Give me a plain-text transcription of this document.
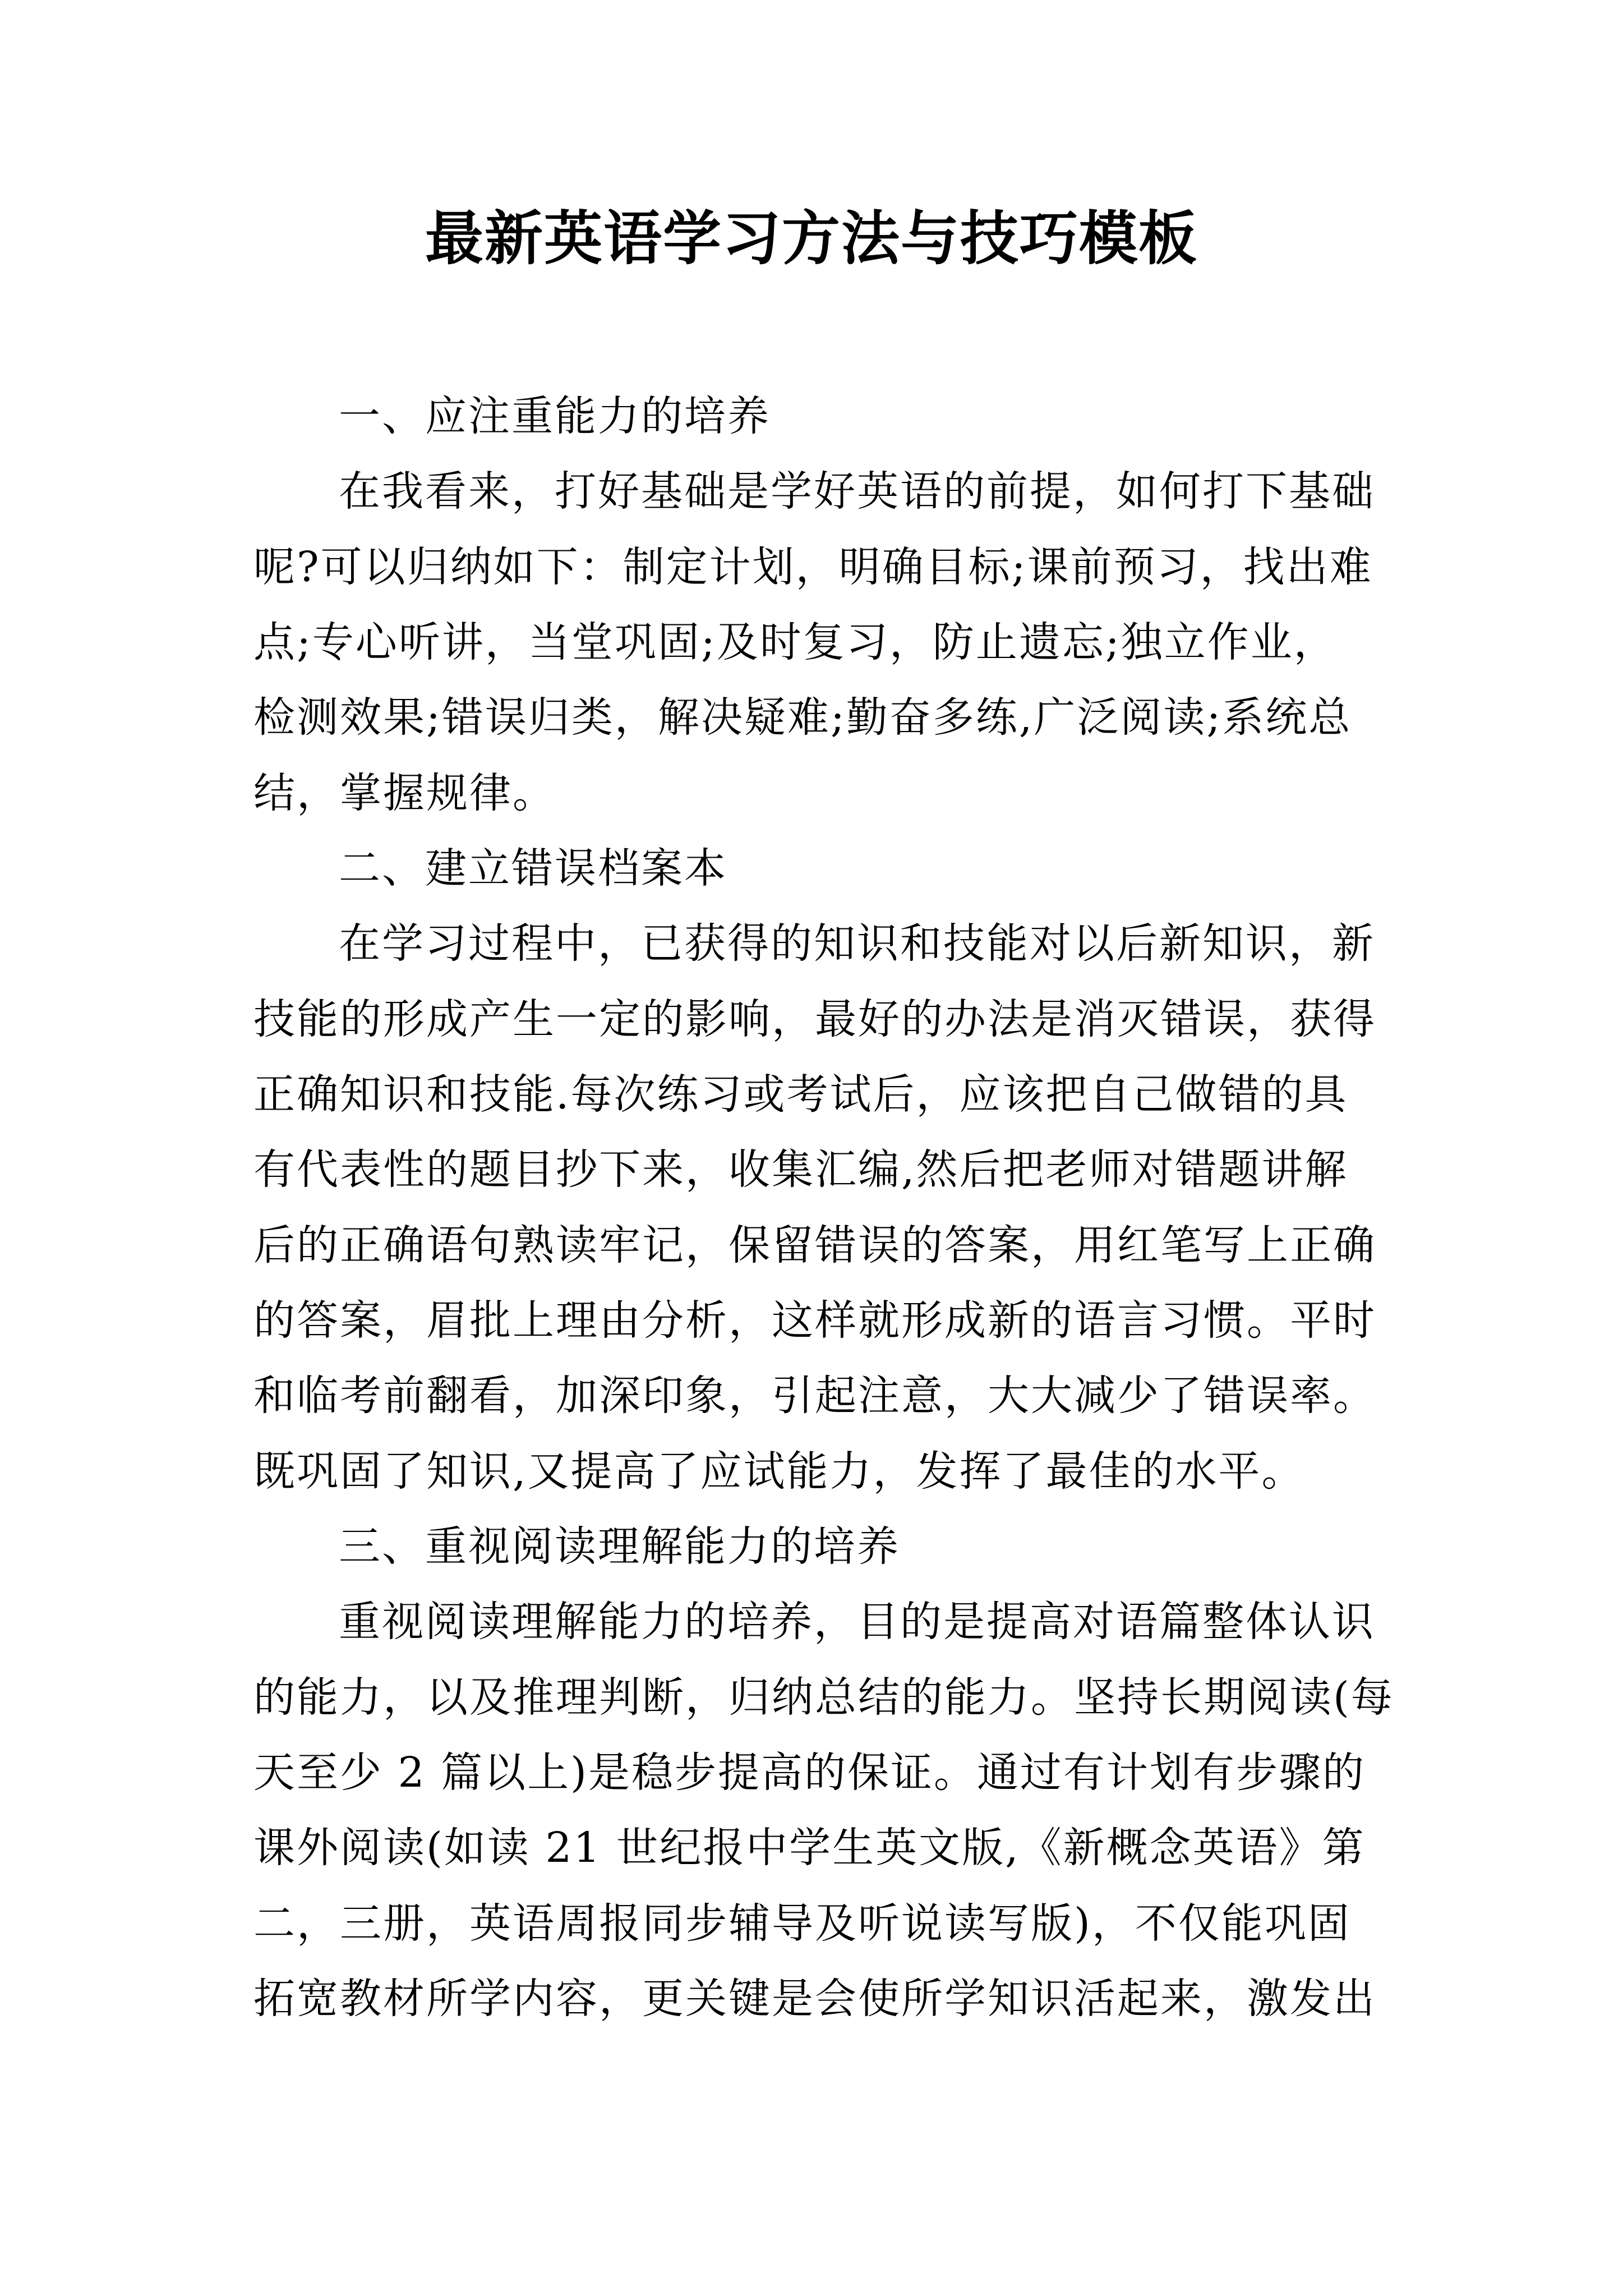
最新英语学习方法与技巧模板
一、应注重能力的培养
在我看来，打好基础是学好英语的前提，如何打下基础
呢?可以归纳如下：制定计划，明确目标;课前预习，找出难
点;专心听讲，当堂巩固;及时复习，防止遗忘;独立作业，
检测效果;错误归类，解决疑难;勤奋多练,广泛阅读;系统总
结，掌握规律。
二、建立错误档案本
在学习过程中，已获得的知识和技能对以后新知识，新
技能的形成产生一定的影响，最好的办法是消灭错误，获得
正确知识和技能.每次练习或考试后，应该把自己做错的具
有代表性的题目抄下来，收集汇编,然后把老师对错题讲解
后的正确语句熟读牢记，保留错误的答案，用红笔写上正确
的答案，眉批上理由分析，这样就形成新的语言习惯。平时
和临考前翻看，加深印象，引起注意，大大减少了错误率。
既巩固了知识,又提高了应试能力，发挥了最佳的水平。
三、重视阅读理解能力的培养
重视阅读理解能力的培养，目的是提高对语篇整体认识
的能力，以及推理判断，归纳总结的能力。坚持长期阅读(每
天至少 2 篇以上)是稳步提高的保证。通过有计划有步骤的
课外阅读(如读 21 世纪报中学生英文版,《新概念英语》第
二，三册，英语周报同步辅导及听说读写版)，不仅能巩固
拓宽教材所学内容，更关键是会使所学知识活起来，激发出
